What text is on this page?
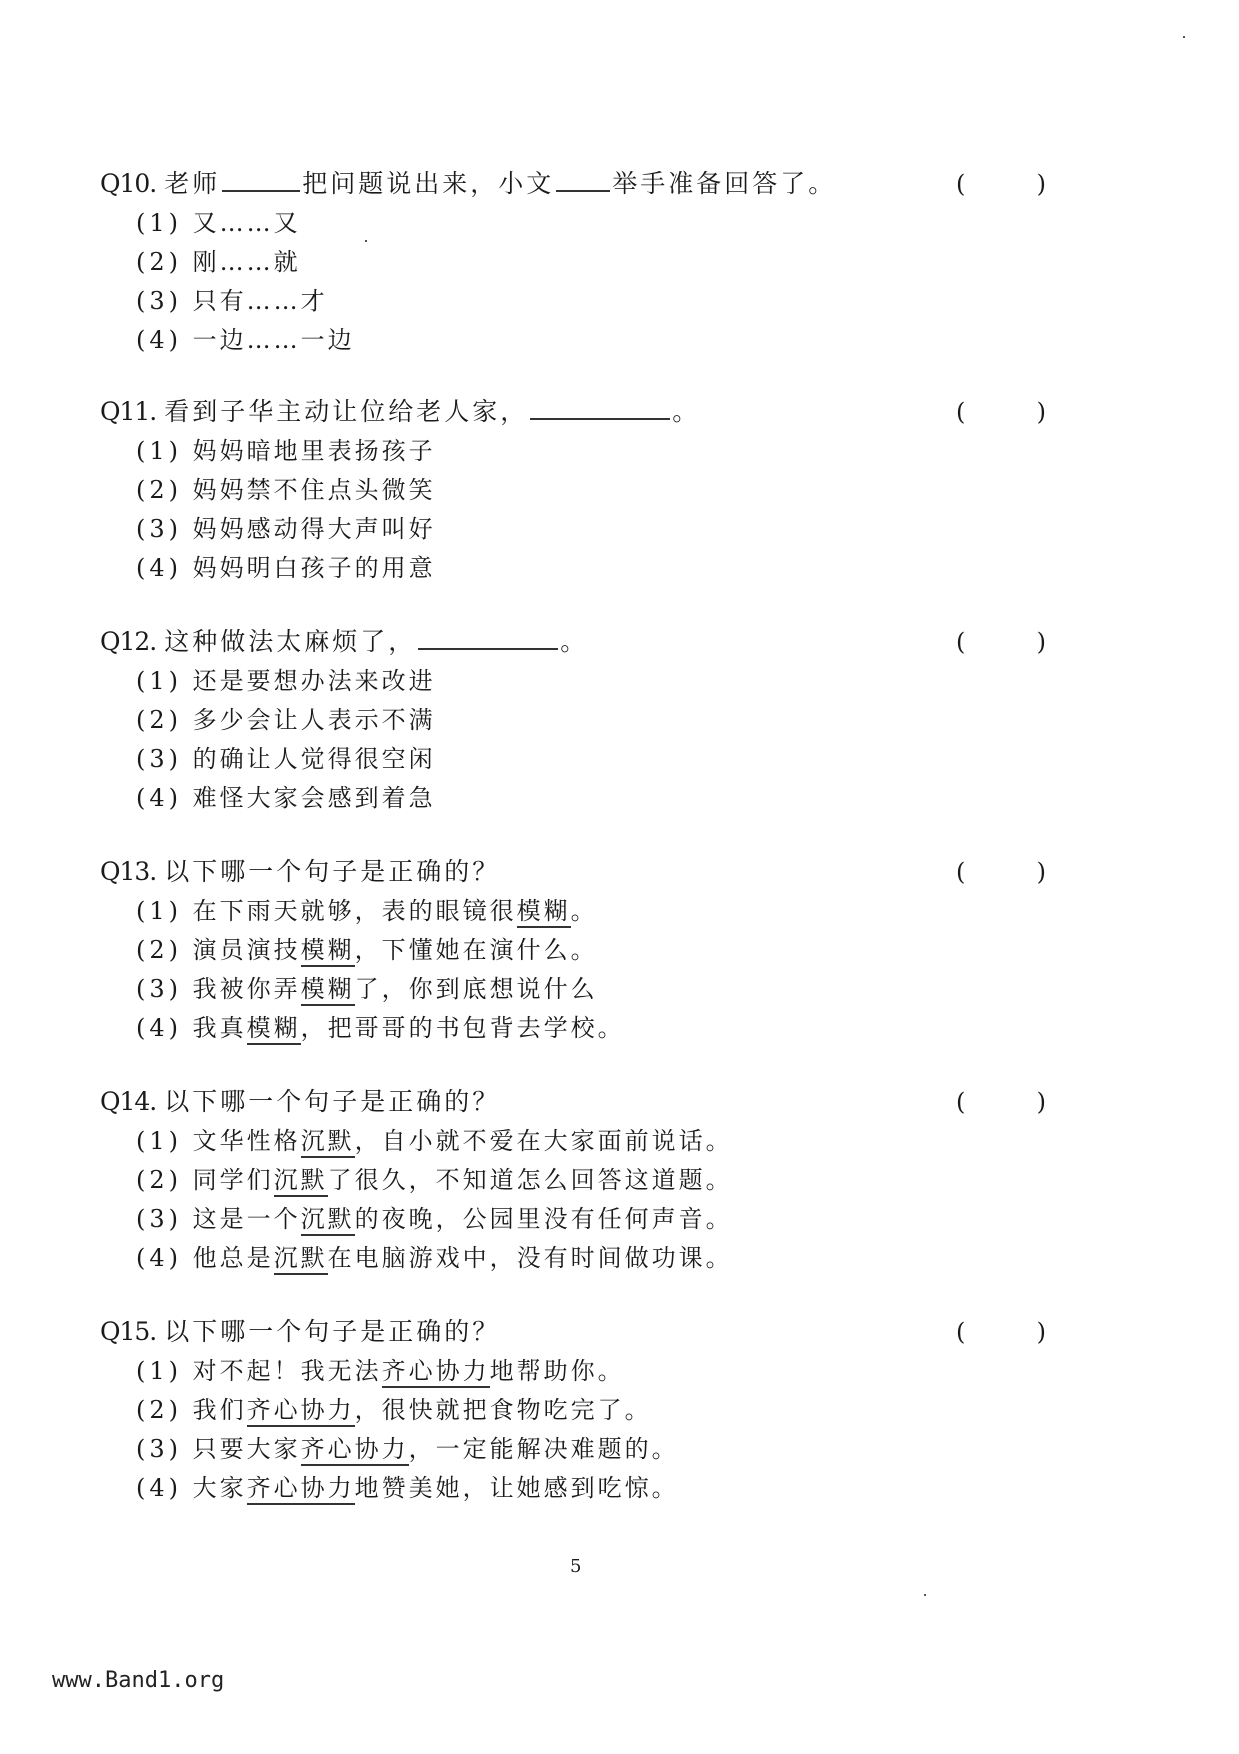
Q10. 老师	把问题说出来，小文 举手准备回答了。	(	)
(1) 又……又
(2) 刚……就
(3) 只有……才
(4) 一边……一边
Q11. 看到子华主动让位给老人家，	。	(	)
(1) 妈妈暗地里表扬孩子
(2) 妈妈禁不住点头微笑
(3) 妈妈感动得大声叫好
(4) 妈妈明白孩子的用意
Q12. 这种做法太麻烦了，	。	(	)
(1) 还是要想办法来改进
(2) 多少会让人表示不满
(3) 的确让人觉得很空闲
(4) 难怪大家会感到着急
Q13. 以下哪一个句子是正确的？	(	)
(1) 在下雨天就够，表的眼镜很模糊。
(2) 演员演技模糊，下懂她在演什么。
(3) 我被你弄模糊了，你到底想说什么
(4) 我真模糊，把哥哥的书包背去学校。
Q14. 以下哪一个句子是正确的？	(	)
(1) 文华性格沉默，自小就不爱在大家面前说话。
(2) 同学们沉默了很久，不知道怎么回答这道题。
(3) 这是一个沉默的夜晚，公园里没有任何声音。
(4) 他总是沉默在电脑游戏中，没有时间做功课。
Q15. 以下哪一个句子是正确的？	(	)
(1) 对不起！我无法齐心协力地帮助你。
(2) 我们齐心协力，很快就把食物吃完了。
(3) 只要大家齐心协力，一定能解决难题的。
(4) 大家齐心协力地赞美她，让她感到吃惊。
5
www.Band1.org
